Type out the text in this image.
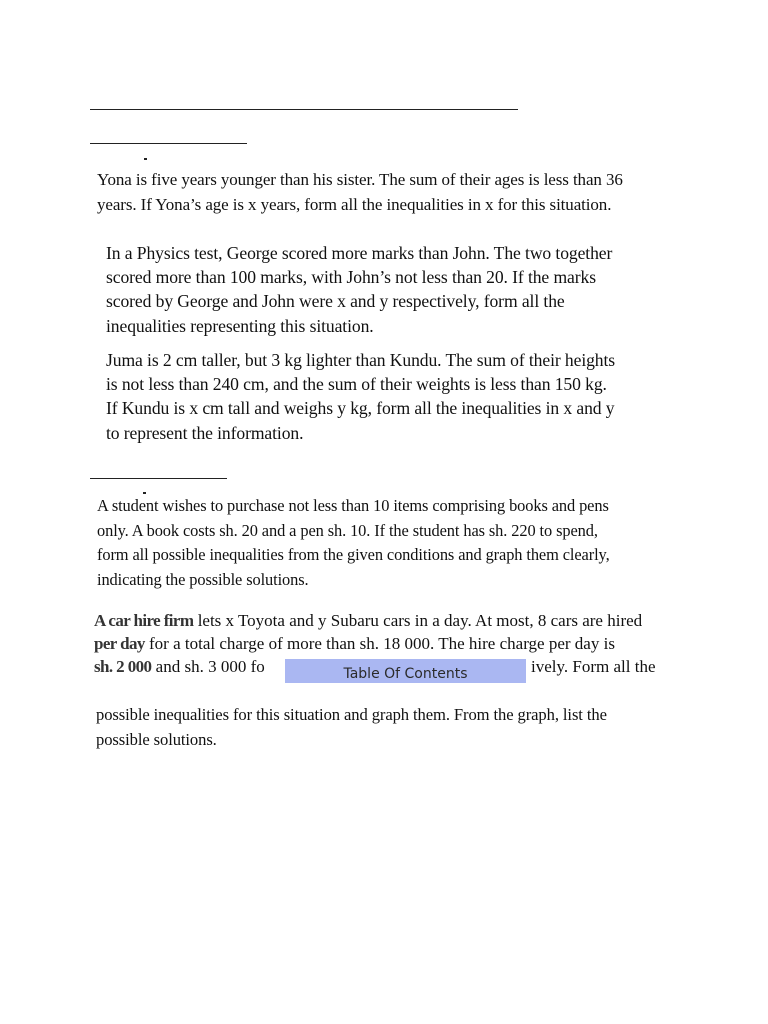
Yona is five years younger than his sister. The sum of their ages is less than 36
years. If Yona’s age is x years, form all the inequalities in x for this situation.

In a Physics test, George scored more marks than John. The two together
scored more than 100 marks, with John’s not less than 20. If the marks
scored by George and John were x and y respectively, form all the
inequalities representing this situation.

Juma is 2 cm taller, but 3 kg lighter than Kundu. The sum of their heights
is not less than 240 cm, and the sum of their weights is less than 150 kg.
If Kundu is x cm tall and weighs y kg, form all the inequalities in x and y
to represent the information.

A student wishes to purchase not less than 10 items comprising books and pens
only. A book costs sh. 20 and a pen sh. 10. If the student has sh. 220 to spend,
form all possible inequalities from the given conditions and graph them clearly,
indicating the possible solutions.

A car hire firm lets x Toyota and y Subaru cars in a day. At most, 8 cars are hired
per day for a total charge of more than sh. 18 000. The hire charge per day is
sh. 2 000 and sh. 3 000 fo	ively. Form all the
Table Of Contents

possible inequalities for this situation and graph them. From the graph, list the
possible solutions.
